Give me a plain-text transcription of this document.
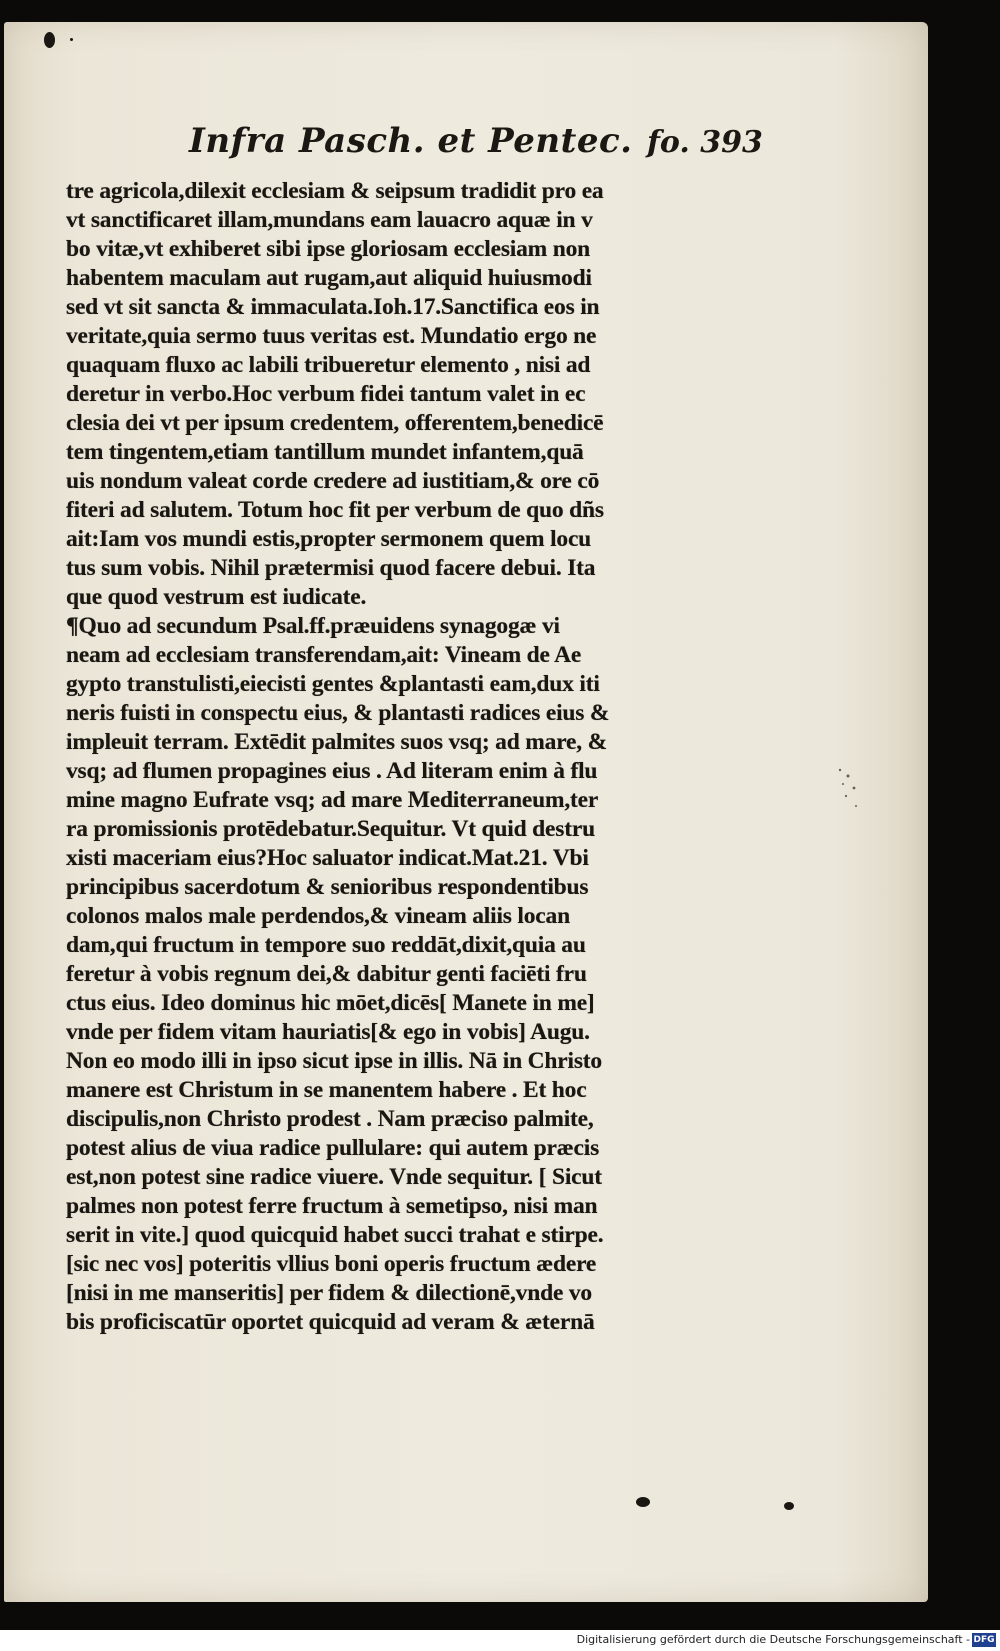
Infra Pasch. et Pentec. fo. 393
tre agricola,dilexit ecclesiam & seipsum tradidit pro ea
vt sanctificaret illam,mundans eam lauacro aquæ in v
bo vitæ,vt exhiberet sibi ipse gloriosam ecclesiam non
habentem maculam aut rugam,aut aliquid huiusmodi
sed vt sit sancta & immaculata.Ioh.17.Sanctifica eos in
veritate,quia sermo tuus veritas est. Mundatio ergo ne
quaquam fluxo ac labili tribueretur elemento , nisi ad
deretur in verbo.Hoc verbum fidei tantum valet in ec
clesia dei vt per ipsum credentem, offerentem,benedicē
tem tingentem,etiam tantillum mundet infantem,quā
uis nondum valeat corde credere ad iustitiam,& ore cō
fiteri ad salutem. Totum hoc fit per verbum de quo dñs
ait:Iam vos mundi estis,propter sermonem quem locu
tus sum vobis. Nihil prætermisi quod facere debui. Ita
que quod vestrum est iudicate.
¶Quo ad secundum Psal.ff.præuidens synagogæ vi
neam ad ecclesiam transferendam,ait: Vineam de Ae
gypto transtulisti,eiecisti gentes &plantasti eam,dux iti
neris fuisti in conspectu eius, & plantasti radices eius &
impleuit terram. Extēdit palmites suos vsq; ad mare, &
vsq; ad flumen propagines eius . Ad literam enim à flu
mine magno Eufrate vsq; ad mare Mediterraneum,ter
ra promissionis protēdebatur.Sequitur. Vt quid destru
xisti maceriam eius?Hoc saluator indicat.Mat.21. Vbi
principibus sacerdotum & senioribus respondentibus
colonos malos male perdendos,& vineam aliis locan
dam,qui fructum in tempore suo reddāt,dixit,quia au
feretur à vobis regnum dei,& dabitur genti faciēti fru
ctus eius. Ideo dominus hic mōet,dicēs[ Manete in me]
vnde per fidem vitam hauriatis[& ego in vobis] Augu.
Non eo modo illi in ipso sicut ipse in illis. Nā in Christo
manere est Christum in se manentem habere . Et hoc
discipulis,non Christo prodest . Nam præciso palmite,
potest alius de viua radice pullulare: qui autem præcis
est,non potest sine radice viuere. Vnde sequitur. [ Sicut
palmes non potest ferre fructum à semetipso, nisi man
serit in vite.] quod quicquid habet succi trahat e stirpe.
[sic nec vos] poteritis vllius boni operis fructum ædere
[nisi in me manseritis] per fidem & dilectionē,vnde vo
bis proficiscatūr oportet quicquid ad veram & æternā
Digitalisierung gefördert durch die Deutsche Forschungsgemeinschaft - DFG
